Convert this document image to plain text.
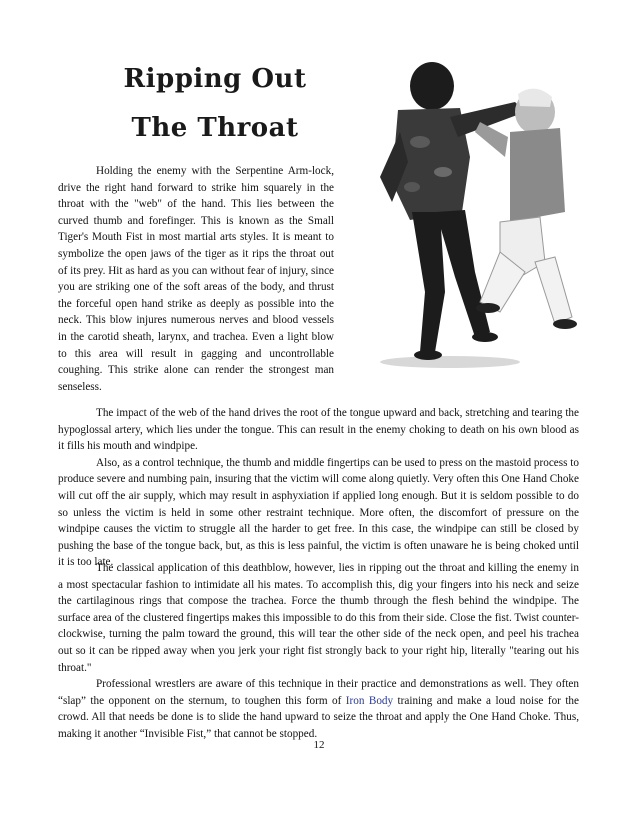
Ripping Out
The Throat

Holding the enemy with the Serpentine Arm-lock, drive the right hand forward to strike him squarely in the throat with the "web" of the hand. This lies between the curved thumb and forefinger. This is known as the Small Tiger's Mouth Fist in most martial arts styles. It is meant to symbolize the open jaws of the tiger as it rips the throat out of its prey. Hit as hard as you can without fear of injury, since you are striking one of the soft areas of the body, and thrust the forceful open hand strike as deeply as possible into the neck. This blow injures numerous nerves and blood vessels in the carotid sheath, larynx, and trachea. Even a light blow to this area will result in gagging and uncontrollable coughing. This strike alone can render the strongest man senseless.

The impact of the web of the hand drives the root of the tongue upward and back, stretching and tearing the hypoglossal artery, which lies under the tongue. This can result in the enemy choking to death on his own blood as it fills his mouth and windpipe.

Also, as a control technique, the thumb and middle fingertips can be used to press on the mastoid process to produce severe and numbing pain, insuring that the victim will come along quietly. Very often this One Hand Choke will cut off the air supply, which may result in asphyxiation if applied long enough. But it is seldom possible to do so unless the victim is held in some other restraint technique. More often, the discomfort of pressure on the windpipe causes the victim to struggle all the harder to get free. In this case, the windpipe can still be closed by pushing the base of the tongue back, but, as this is less painful, the victim is often unaware he is being choked until it is too late.

The classical application of this deathblow, however, lies in ripping out the throat and killing the enemy in a most spectacular fashion to intimidate all his mates. To accomplish this, dig your fingers into his neck and seize the cartilaginous rings that compose the trachea. Force the thumb through the flesh behind the windpipe. The surface area of the clustered fingertips makes this impossible to do this from their side. Close the fist. Twist counter-clockwise, turning the palm toward the ground, this will tear the other side of the neck open, and peel his trachea out so it can be ripped away when you jerk your right fist strongly back to your right hip, literally "tearing out his throat."

Professional wrestlers are aware of this technique in their practice and demonstrations as well. They often “slap” the opponent on the sternum, to toughen this form of Iron Body training and make a loud noise for the crowd. All that needs be done is to slide the hand upward to seize the throat and apply the One Hand Choke. Thus, making it another “Invisible Fist,” that cannot be stopped.

12
